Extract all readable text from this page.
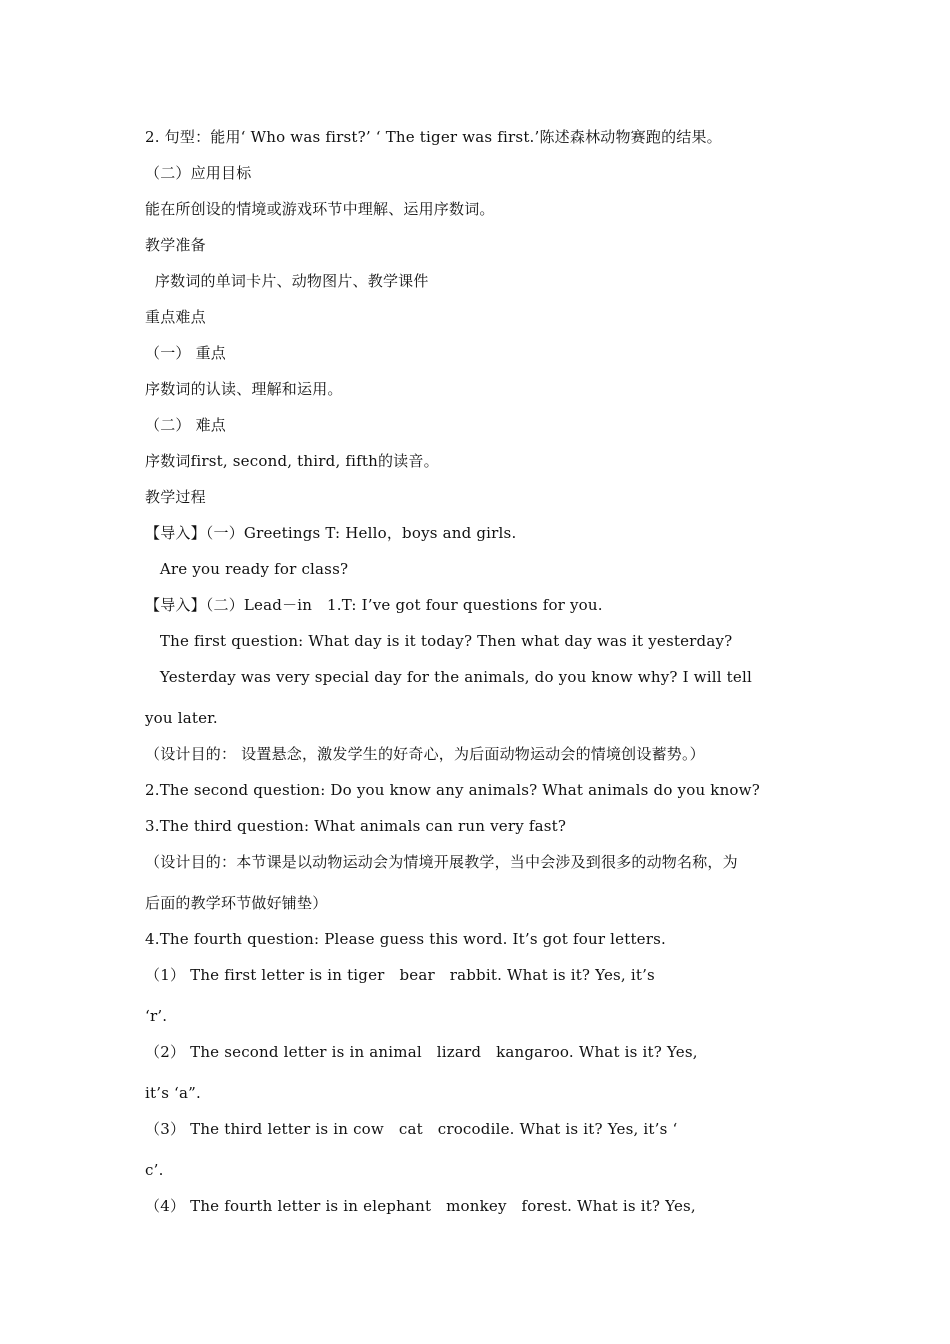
2. 句型：能用‘ Who was first?’ ‘ The tiger was first.’陈述森林动物赛跑的结果。
（二）应用目标
能在所创设的情境或游戏环节中理解、运用序数词。
教学准备
序数词的单词卡片、动物图片、教学课件
重点难点
（一） 重点
序数词的认读、理解和运用。
（二） 难点
序数词first, second, third, fifth的读音。
教学过程
【导入】（一）Greetings T: Hello，boys and girls.
Are you ready for class?
【导入】（二）Lead－in   1.T: I’ve got four questions for you.
The first question: What day is it today? Then what day was it yesterday?
Yesterday was very special day for the animals, do you know why? I will tell
you later.
（设计目的： 设置悬念，激发学生的好奇心，为后面动物运动会的情境创设蓄势。）
2.The second question: Do you know any animals? What animals do you know?
3.The third question: What animals can run very fast?
（设计目的：本节课是以动物运动会为情境开展教学，当中会涉及到很多的动物名称，为
后面的教学环节做好铺垫）
4.The fourth question: Please guess this word. It’s got four letters.
（1） The first letter is in tiger   bear   rabbit. What is it? Yes, it’s
‘r’.
（2） The second letter is in animal   lizard   kangaroo. What is it? Yes,
it’s ‘a”.
（3） The third letter is in cow   cat   crocodile. What is it? Yes, it’s ‘
c’.
（4） The fourth letter is in elephant   monkey   forest. What is it? Yes,
